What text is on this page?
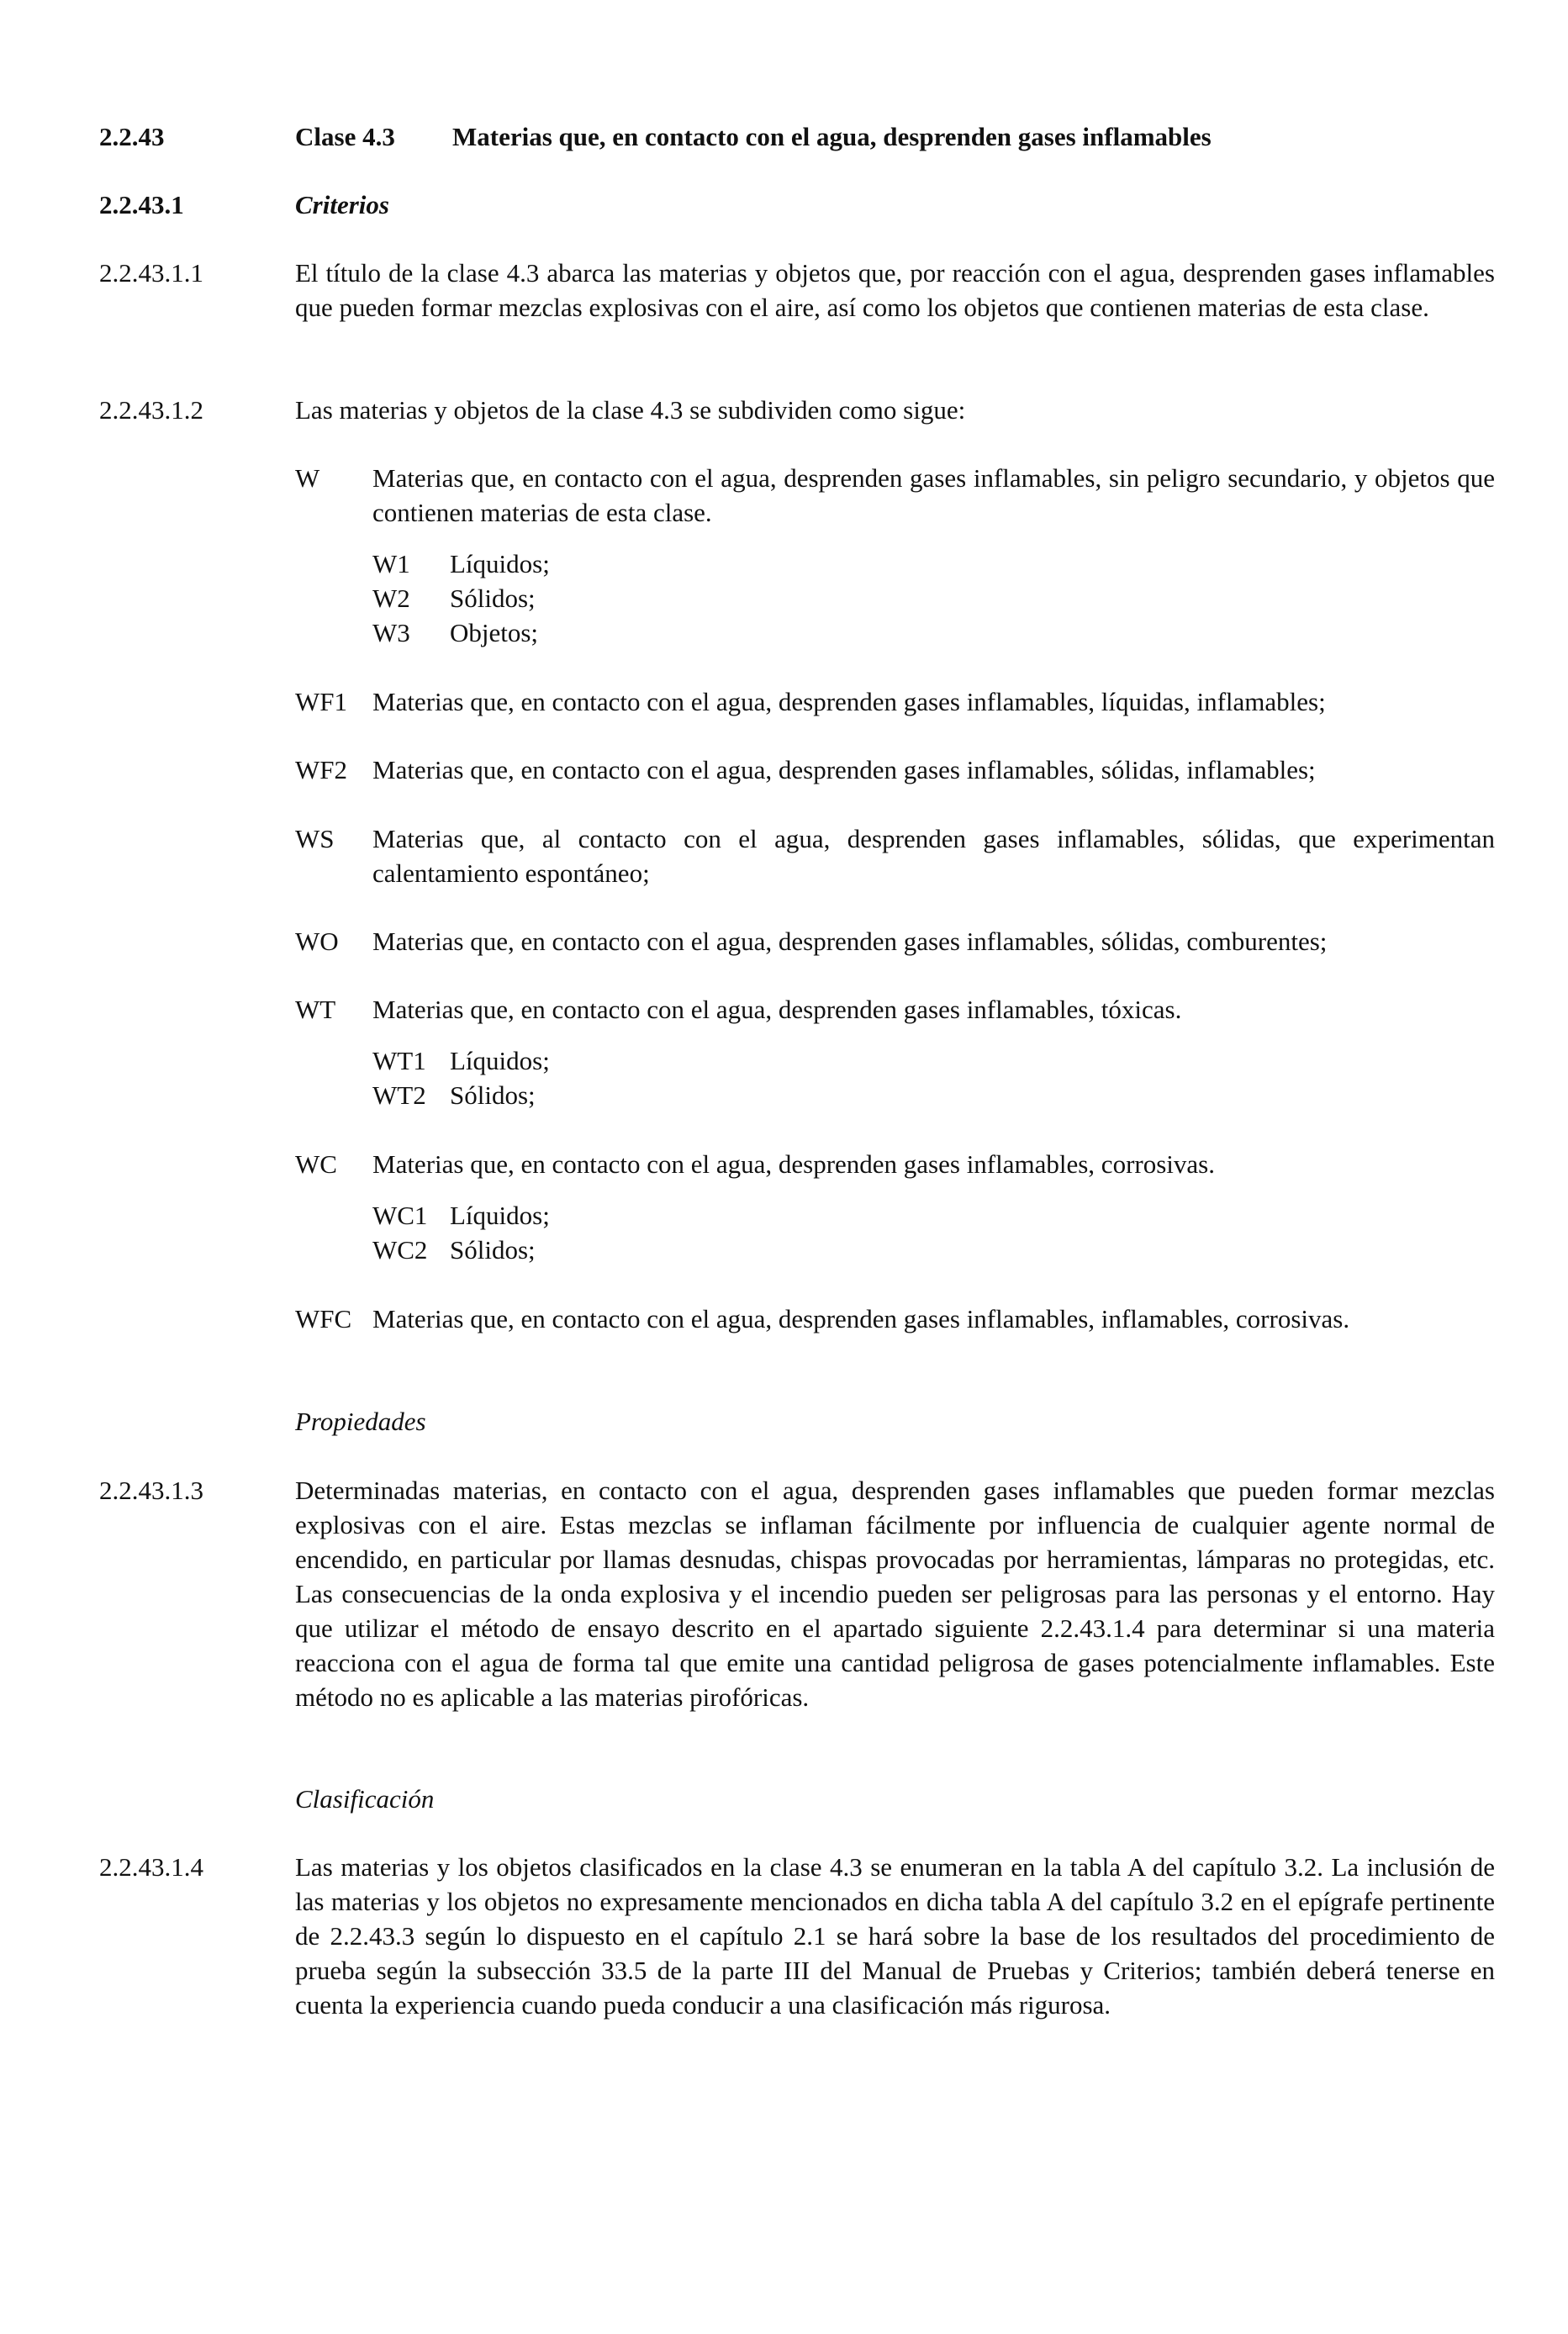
2.2.43	Clase 4.3 Materias que, en contacto con el agua, desprenden gases inflamables
2.2.43.1	Criterios
2.2.43.1.1	El título de la clase 4.3 abarca las materias y objetos que, por reacción con el agua, desprenden gases inflamables que pueden formar mezclas explosivas con el aire, así como los objetos que contienen materias de esta clase.
2.2.43.1.2	Las materias y objetos de la clase 4.3 se subdividen como sigue:
W Materias que, en contacto con el agua, desprenden gases inflamables, sin peligro secundario, y objetos que contienen materias de esta clase.
W1 Líquidos;
W2 Sólidos;
W3 Objetos;
WF1 Materias que, en contacto con el agua, desprenden gases inflamables, líquidas, inflamables;
WF2 Materias que, en contacto con el agua, desprenden gases inflamables, sólidas, inflamables;
WS Materias que, al contacto con el agua, desprenden gases inflamables, sólidas, que experimentan calentamiento espontáneo;
WO Materias que, en contacto con el agua, desprenden gases inflamables, sólidas, comburentes;
WT Materias que, en contacto con el agua, desprenden gases inflamables, tóxicas.
WT1 Líquidos;
WT2 Sólidos;
WC Materias que, en contacto con el agua, desprenden gases inflamables, corrosivas.
WC1 Líquidos;
WC2 Sólidos;
WFC Materias que, en contacto con el agua, desprenden gases inflamables, inflamables, corrosivas.
Propiedades
2.2.43.1.3	Determinadas materias, en contacto con el agua, desprenden gases inflamables que pueden formar mezclas explosivas con el aire. Estas mezclas se inflaman fácilmente por influencia de cualquier agente normal de encendido, en particular por llamas desnudas, chispas provocadas por herramientas, lámparas no protegidas, etc. Las consecuencias de la onda explosiva y el incendio pueden ser peligrosas para las personas y el entorno. Hay que utilizar el método de ensayo descrito en el apartado siguiente 2.2.43.1.4 para determinar si una materia reacciona con el agua de forma tal que emite una cantidad peligrosa de gases potencialmente inflamables. Este método no es aplicable a las materias pirofóricas.
Clasificación
2.2.43.1.4	Las materias y los objetos clasificados en la clase 4.3 se enumeran en la tabla A del capítulo 3.2. La inclusión de las materias y los objetos no expresamente mencionados en dicha tabla A del capítulo 3.2 en el epígrafe pertinente de 2.2.43.3 según lo dispuesto en el capítulo 2.1 se hará sobre la base de los resultados del procedimiento de prueba según la subsección 33.5 de la parte III del Manual de Pruebas y Criterios; también deberá tenerse en cuenta la experiencia cuando pueda conducir a una clasificación más rigurosa.
